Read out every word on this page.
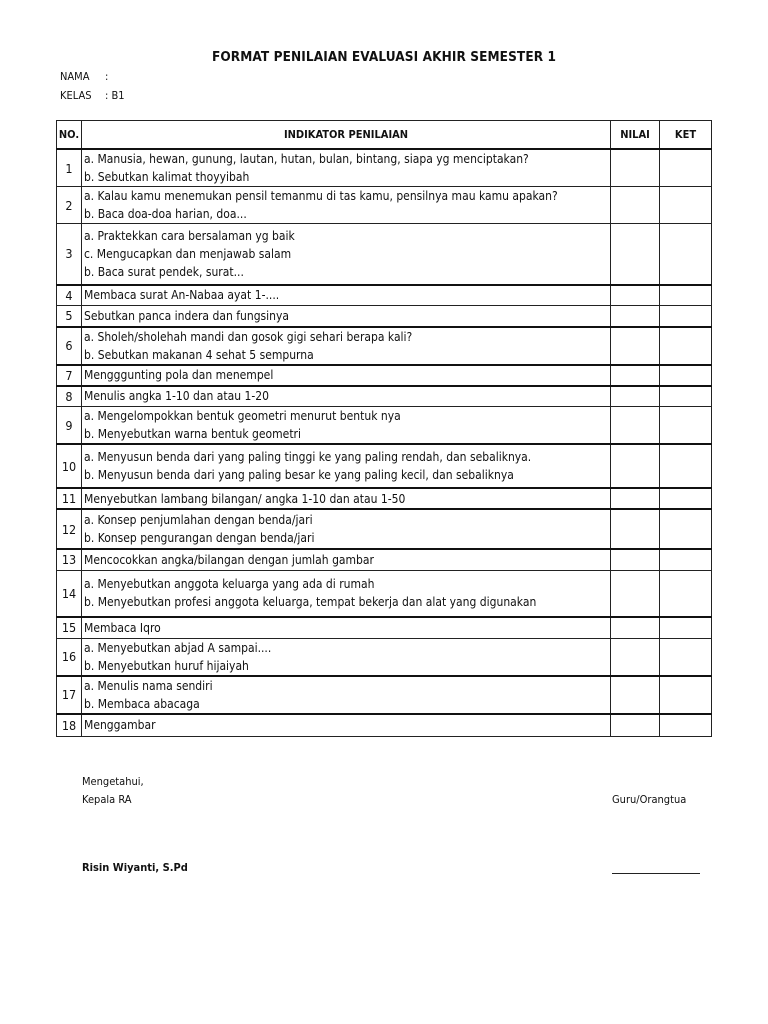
FORMAT PENILAIAN EVALUASI AKHIR SEMESTER 1
NAMA :
KELAS : B1
NO.	INDIKATOR PENILAIAN	NILAI	KET
1	a. Manusia, hewan, gunung, lautan, hutan, bulan, bintang, siapa yg menciptakan?
b. Sebutkan kalimat thoyyibah		

2	a. Kalau kamu menemukan pensil temanmu di tas kamu, pensilnya mau kamu apakan?
b. Baca doa-doa harian, doa...		

3	a. Praktekkan cara bersalaman yg baik
c. Mengucapkan dan menjawab salam
b. Baca surat pendek, surat...		

4	Membaca surat An-Nabaa ayat 1-....		

5	Sebutkan panca indera dan fungsinya		

6	a. Sholeh/sholehah mandi dan gosok gigi sehari berapa kali?
b. Sebutkan makanan 4 sehat 5 sempurna		

7	Mengggunting pola dan menempel		

8	Menulis angka 1-10 dan atau 1-20		

9	a. Mengelompokkan bentuk geometri menurut bentuk nya
b. Menyebutkan warna bentuk geometri		

10	a. Menyusun benda dari yang paling tinggi ke yang paling rendah, dan sebaliknya.
b. Menyusun benda dari yang paling besar ke yang paling kecil, dan sebaliknya		

11	Menyebutkan lambang bilangan/ angka 1-10 dan atau 1-50		

12	a. Konsep penjumlahan dengan benda/jari
b. Konsep pengurangan dengan benda/jari		

13	Mencocokkan angka/bilangan dengan jumlah gambar		

14	a. Menyebutkan anggota keluarga yang ada di rumah
b. Menyebutkan profesi anggota keluarga, tempat bekerja dan alat yang digunakan		

15	Membaca Iqro		

16	a. Menyebutkan abjad A sampai....
b. Menyebutkan huruf hijaiyah		

17	a. Menulis nama sendiri
b. Membaca abacaga		

18	Menggambar		

Mengetahui,
Kepala RA	Guru/Orangtua
Risin Wiyanti, S.Pd
